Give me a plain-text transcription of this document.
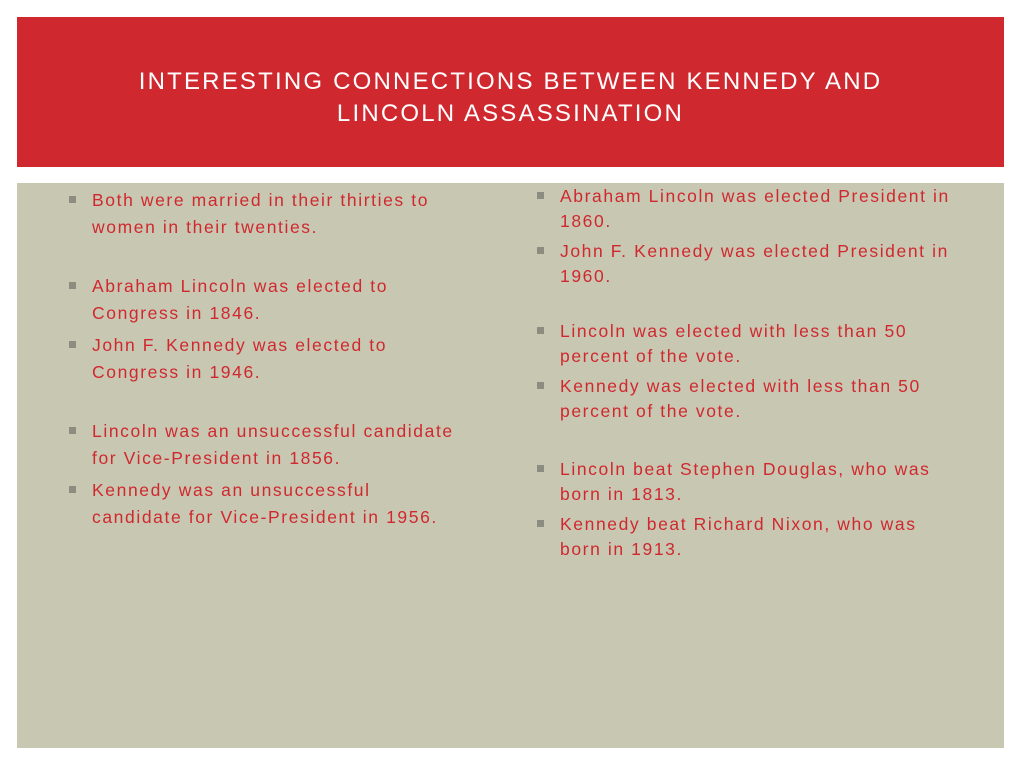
INTERESTING CONNECTIONS BETWEEN KENNEDY AND LINCOLN ASSASSINATION
Both were married in their thirties to women in their twenties.
Abraham Lincoln was elected to Congress in 1846.
John F. Kennedy was elected to Congress in 1946.
Lincoln was an unsuccessful candidate for Vice-President in 1856.
Kennedy was an unsuccessful candidate for Vice-President in 1956.
Abraham Lincoln was elected President in 1860.
John F. Kennedy was elected President in 1960.
Lincoln was elected with less than 50 percent of the vote.
Kennedy was elected with less than 50 percent of the vote.
Lincoln beat Stephen Douglas, who was born in 1813.
Kennedy beat Richard Nixon, who was born in 1913.
